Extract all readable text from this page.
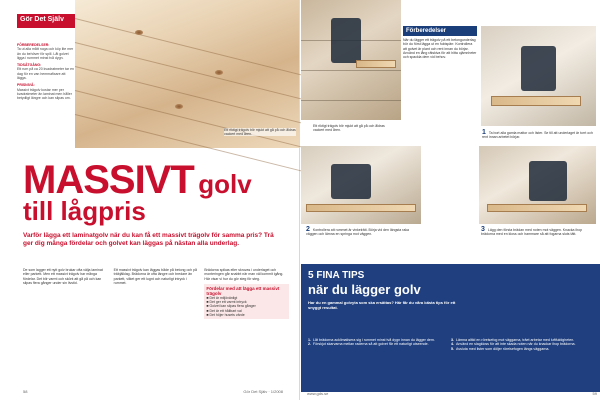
Gör Det Själv
FÖRBEREDELSER:
Ta ut alla mått noga och köp lite mer än du behöver för spill. Låt golvet ligga i rummet minst två dygn.
TIDSÅTGÅNG:
Ett rum på ca 20 kvadratmeter tar en dag för en van hemmafixare att lägga.
PRISNIVÅ:
Massivt trägolv kostar mer per kvadratmeter än laminat men håller betydligt längre och kan slipas om.
Ett riktigt trägolv blir mjukt att gå på och åldras vackert med åren.
MASSIVT golv
till lågpris
Varför lägga ett laminatgolv när du kan få ett massivt trägolv för samma pris? Trä ger dig många fördelar och golvet kan läggas på nästan alla underlag.
De som lagger ett nytt golv brukar ofta välja laminat eller parkett. Men ett massivt trägolv har många fördelar. Det blir varmt och skönt att gå på och kan slipas flera gånger under sin livstid.
Ett massivt trägolv kan läggas både på betong och på träbjälklag. Brädorna är ofta längre och bredare än parkett, vilket ger ett lugnt och naturligt intryck i rummet.
Brädorna spikas eller skruvas i underlaget och monteringen går snabbt när man väl kommit igång. Här visar vi hur du gör steg för steg.
Fördelar med att lägga ett massivt trägolv
■ Det är miljövänligt
■ Det ger ett varmt intryck
■ Golvet kan slipas flera gånger
■ Det är ett hållbart val
■ Det höjer husets värde
58	Gör Det Själv · 1/2008
Ett riktigt trägolv blir mjukt att gå på och åldras vackert med åren.
Förberedelser
När du lägger ett trägolv på ett betongunderlag bör du först lägga ut en fuktspärr. Kontrollera att golvet är plant och rent innan du börjar. Använd en lång rätskiva för att hitta ojämnheter och spackla dem vid behov.
1 Ta bort alla gamla mattor och lister. Se till att underlaget är torrt och rent innan arbetet börjar.
2 Kontrollera att rummet är vinkelrätt. Börja vid den längsta raka väggen och lämna en springa mot väggen.
3 Lägg den första brädan med noten mot väggen. Knacka ihop brädorna med en kloss och hammare så att fogarna sluts tätt.
5 FINA TIPS
när du lägger golv
Har du en gammal golvyta som ska ersättas? Här får du våra bästa tips för ett snyggt resultat.
1. Låt brädorna acklimatisera sig i rummet minst två dygn innan du lägger dem.
2. Förskjut skarvarna mellan raderna så att golvet får ett naturligt utseende.
3. Lämna alltid en rörelsefog mot väggarna, träet arbetar med luftfuktigheten.
4. Använd en slagkloss för att inte skada noten när du knackar ihop brädorna.
5. Avsluta med lister som döljer rörelsefogen längs väggarna.
www.gds.se	59
